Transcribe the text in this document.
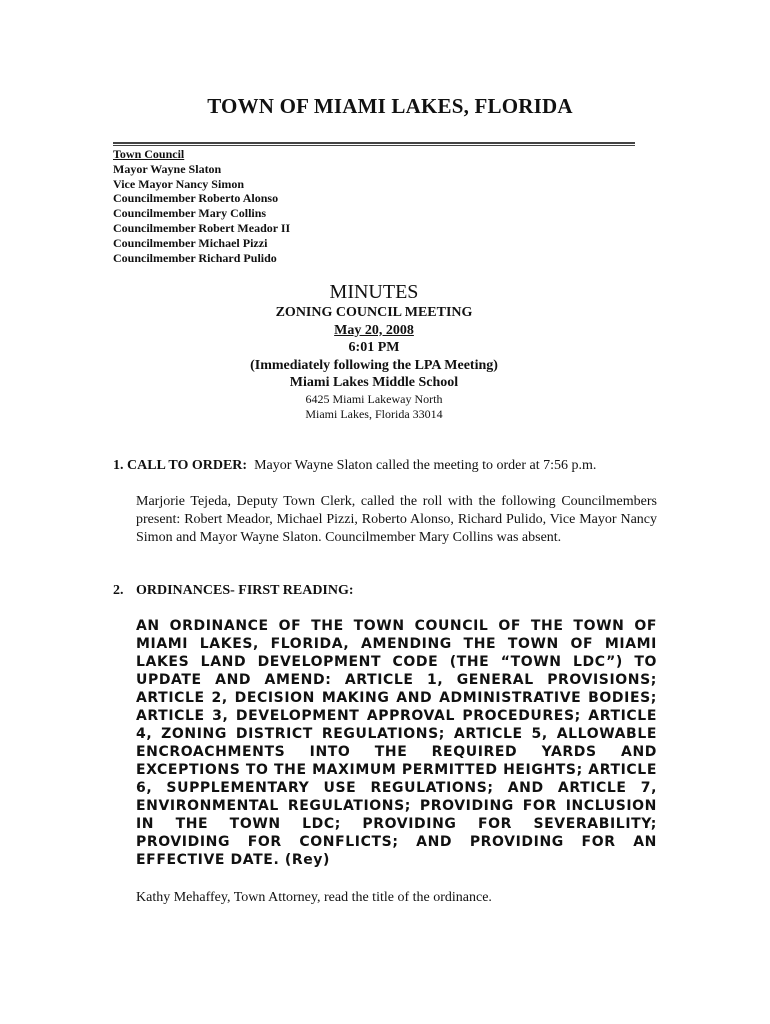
TOWN OF MIAMI LAKES, FLORIDA
Town Council
Mayor Wayne Slaton
Vice Mayor Nancy Simon
Councilmember Roberto Alonso
Councilmember Mary Collins
Councilmember Robert Meador II
Councilmember Michael Pizzi
Councilmember Richard Pulido
MINUTES
ZONING COUNCIL MEETING
May 20, 2008
6:01 PM
(Immediately following the LPA Meeting)
Miami Lakes Middle School
6425 Miami Lakeway North
Miami Lakes, Florida 33014
1. CALL TO ORDER: Mayor Wayne Slaton called the meeting to order at 7:56 p.m.
Marjorie Tejeda, Deputy Town Clerk, called the roll with the following Councilmembers present: Robert Meador, Michael Pizzi, Roberto Alonso, Richard Pulido, Vice Mayor Nancy Simon and Mayor Wayne Slaton. Councilmember Mary Collins was absent.
2. ORDINANCES- FIRST READING:
AN ORDINANCE OF THE TOWN COUNCIL OF THE TOWN OF MIAMI LAKES, FLORIDA, AMENDING THE TOWN OF MIAMI LAKES LAND DEVELOPMENT CODE (THE “TOWN LDC”) TO UPDATE AND AMEND: ARTICLE 1, GENERAL PROVISIONS; ARTICLE 2, DECISION MAKING AND ADMINISTRATIVE BODIES; ARTICLE 3, DEVELOPMENT APPROVAL PROCEDURES; ARTICLE 4, ZONING DISTRICT REGULATIONS; ARTICLE 5, ALLOWABLE ENCROACHMENTS INTO THE REQUIRED YARDS AND EXCEPTIONS TO THE MAXIMUM PERMITTED HEIGHTS; ARTICLE 6, SUPPLEMENTARY USE REGULATIONS; AND ARTICLE 7, ENVIRONMENTAL REGULATIONS; PROVIDING FOR INCLUSION IN THE TOWN LDC; PROVIDING FOR SEVERABILITY; PROVIDING FOR CONFLICTS; AND PROVIDING FOR AN EFFECTIVE DATE. (Rey)
Kathy Mehaffey, Town Attorney, read the title of the ordinance.
